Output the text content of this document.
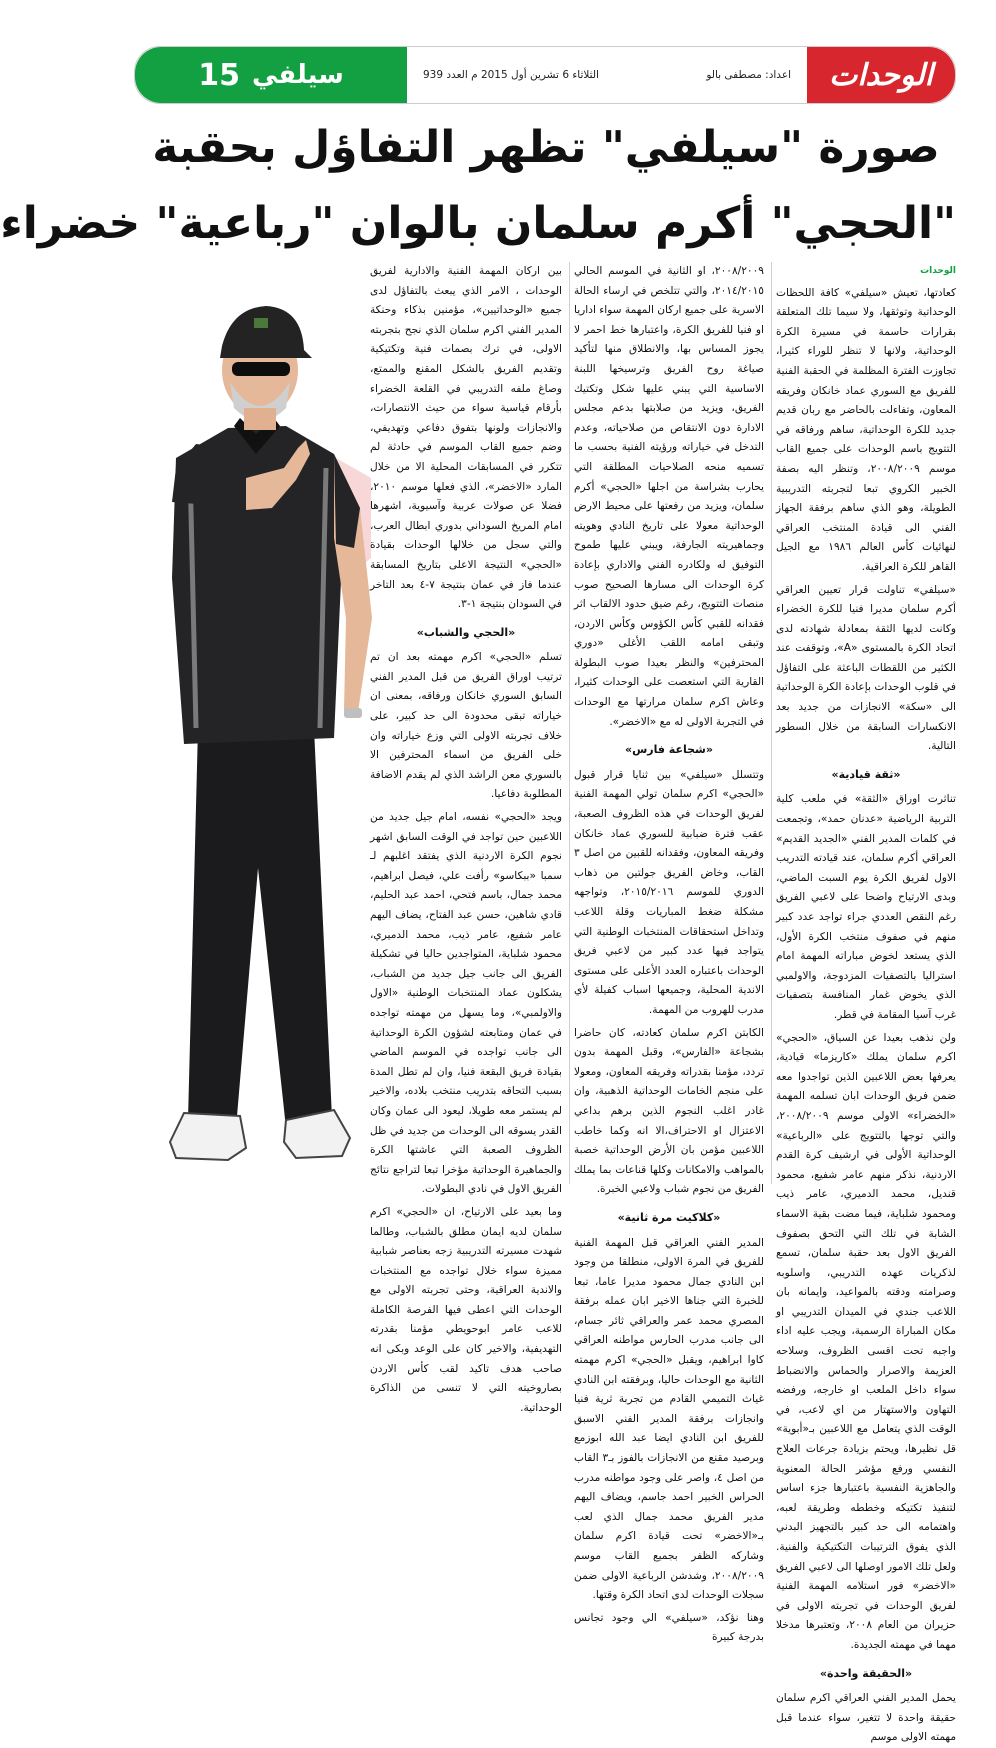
الوحدات
اعداد: مصطفى بالو
الثلاثاء 6 تشرين أول 2015 م العدد 939
سيلفي
15
صورة "سيلفي" تظهر التفاؤل بحقبة
"الحجي" أكرم سلمان بالوان "رباعية" خضراء
الوحدات

كعادتها، تعيش «سيلفي» كافة اللحظات الوحداتية وتوثقها، ولا سيما تلك المتعلقة بقرارات حاسمة في مسيرة الكرة الوحداتية، ولانها لا تنظر للوراء كثيرا، تجاوزت الفترة المظلمة في الحقبة الفنية للفريق مع السوري عماد خانكان وفريقه المعاون، وتفاءلت بالحاضر مع ربان قديم جديد للكرة الوحداتية، ساهم ورفاقه في التتويج باسم الوحدات على جميع القاب موسم ٢٠٠٨/٢٠٠٩، وتنظر اليه بصفة الخبير الكروي تبعا لتجربته التدريبية الطويلة، وهو الذي ساهم برفقة الجهاز الفني الى قيادة المنتخب العراقي لنهائيات كأس العالم ١٩٨٦ مع الجيل القاهر للكرة العراقية.

«سيلفي» تناولت قرار تعيين العراقي أكرم سلمان مديرا فنيا للكرة الخضراء وكانت لديها الثقة بمعادلة شهادته لدى اتحاد الكرة بالمستوى «A»، وتوقفت عند الكثير من اللقطات الباعثة على التفاؤل في قلوب الوحدات بإعادة الكرة الوحداتية الى «سكة» الانجازات من جديد بعد الانكسارات السابقة من خلال السطور التالية.

«ثقة قيادية»

تناثرت اوراق «الثقة» في ملعب كلية التربية الرياضية «عدنان حمد»، وتجمعت في كلمات المدير الفني «الجديد القديم» العراقي أكرم سلمان، عند قيادته التدريب الاول لفريق الكرة يوم السبت الماضي، وبدى الارتياح واضحا على لاعبي الفريق رغم النقص العددي جراء تواجد عدد كبير منهم في صفوف منتخب الكرة الأول، الذي يستعد لخوض مباراته المهمة امام استراليا بالتصفيات المزدوجة، والاولمبي الذي يخوض غمار المنافسة بتصفيات غرب آسيا المقامة في قطر.

ولن نذهب بعيدا عن السياق، «الحجي» اكرم سلمان يملك «كاريزما» قيادية، يعرفها بعض اللاعبين الذين تواجدوا معه ضمن فريق الوحدات ابان تسلمه المهمة «الخضراء» الاولى موسم ٢٠٠٨/٢٠٠٩، والتي توجها بالتتويج على «الرباعية» الوحداتية الأولى في ارشيف كرة القدم الاردنية، نذكر منهم عامر شفيع، محمود قنديل، محمد الدميري، عامر ذيب ومحمود شلباية، فيما مضت بقية الاسماء الشابة في تلك التي التحق بصفوف الفريق الاول بعد حقبة سلمان، تسمع لذكريات عهده التدريبي، واسلوبه وصرامته ودقته بالمواعيد، وايمانه بان اللاعب جندي في الميدان التدريبي او مكان المباراة الرسمية، ويجب عليه اداء واجبه تحت اقسى الظروف، وسلاحه العزيمة والاصرار والحماس والانضباط سواء داخل الملعب او خارجه، ورفضه التهاون والاستهتار من اي لاعب، في الوقت الذي يتعامل مع اللاعبين بـ«أبوية» قل نظيرها، ويحتم بزيادة جرعات العلاج النفسي ورفع مؤشر الحالة المعنوية والجاهزية النفسية باعتبارها جزء اساس لتنفيذ تكتيكه وخططه وطريقة لعبه، واهتمامه الى حد كبير بالتجهيز البدني الذي يفوق الترتيبات التكتيكية والفنية. ولعل تلك الامور اوصلها الى لاعبي الفريق «الاخضر» فور استلامه المهمة الفنية لفريق الوحدات في تجربته الاولى في حزيران من العام ٢٠٠٨، وتعتبرها مدخلا مهما في مهمته الجديدة.

«الحقيقة واحدة»

يحمل المدير الفني العراقي اكرم سلمان حقيقة واحدة لا تتغير، سواء عندما قبل مهمته الاولى موسم

٢٠٠٨/٢٠٠٩، او الثانية في الموسم الحالي ٢٠١٤/٢٠١٥، والتي تتلخص في ارساء الحالة الاسرية على جميع اركان المهمة سواء اداريا او فنيا للفريق الكرة، واعتبارها خط احمر لا يجوز المساس بها، والانطلاق منها لتأكيد صياغة روح الفريق وترسيخها اللبنة الاساسية التي يبني عليها شكل وتكتيك الفريق، ويزيد من صلابتها بدعم مجلس الادارة دون الانتقاص من صلاحياته، وعدم التدخل في خياراته ورؤيته الفنية بحسب ما تسميه منحه الصلاحيات المطلقة التي يحارب بشراسة من اجلها «الحجي» أكرم سلمان، ويزيد من رفعتها على محيط الارض الوحداتية معولا على تاريخ النادي وهويته وجماهيريته الجارفة، ويبني عليها طموح التوفيق له ولكادره الفني والاداري بإعادة كرة الوحدات الى مسارها الصحيح صوب منصات التتويج، رغم ضيق حدود الالقاب اثر فقدانه للقبي كأس الكؤوس وكأس الاردن، وتبقى امامه اللقب الأغلى «دوري المحترفين» والنظر بعيدا صوب البطولة القارية التي استعصت على الوحدات كثيرا، وعاش اكرم سلمان مرارتها مع الوحدات في التجربة الاولى له مع «الاخضر».

«شجاعة فارس»

وتتسلل «سيلفي» بين ثنايا قرار قبول «الحجي» اكرم سلمان تولي المهمة الفنية لفريق الوحدات في هذه الظروف الصعبة، عقب فترة ضبابية للسوري عماد خانكان وفريقه المعاون، وفقدانه للقبين من اصل ٣ القاب، وخاض الفريق جولتين من ذهاب الدوري للموسم ٢٠١٥/٢٠١٦، وتواجهه مشكلة ضغط المباريات وقلة اللاعب وتداخل استحقاقات المنتخبات الوطنية التي يتواجد فيها عدد كبير من لاعبي فريق الوحدات باعتباره العدد الأعلى على مستوى الاندية المحلية، وجميعها اسباب كفيلة لأي مدرب للهروب من المهمة.

الكابتن اكرم سلمان كعادته، كان حاضرا بشجاعة «الفارس»، وقبل المهمة بدون تردد، مؤمنا بقدراته وفريقه المعاون، ومعولا على منجم الخامات الوحداتية الذهبية، وان غادر اغلب النجوم الذين برهم بداعي الاعتزال او الاحتراف،الا انه وكما خاطب اللاعبين مؤمن بان الأرض الوحداتية خصبة بالمواهب والامكانات وكلها قناعات بما يملك الفريق من نجوم شباب ولاعبي الخبرة.

«كلاكيت مرة ثانية»

المدير الفني العراقي قبل المهمة الفنية للفريق في المرة الاولى، منطلقا من وجود ابن النادي جمال محمود مديرا عاما، تبعا للخبرة التي جناها الاخير ابان عمله برفقة المصري محمد عمر والعراقي ثائر جسام، الى جانب مدرب الحارس مواطنه العراقي كاوا ابراهيم، ويقبل «الحجي» اكرم مهمته الثانية مع الوحدات حاليا، وبرفقته ابن النادي غياث التميمي القادم من تجربة ثرية فنيا وانجازات برفقة المدير الفني الاسبق للفريق ابن النادي ايضا عبد الله ابوزمع وبرصيد مقنع من الانجازات بالفوز بـ٣ القاب من اصل ٤، واصر على وجود مواطنه مدرب الحراس الخبير احمد جاسم، ويضاف اليهم مدير الفريق محمد جمال الذي لعب بـ«الاخضر» تحت قيادة اكرم سلمان وشاركه الظفر بجميع القاب موسم ٢٠٠٨/٢٠٠٩، وشدشن الرباعية الاولى ضمن سجلات الوحدات لدى اتحاد الكرة وقتها.

وهنا نؤكد، «سيلفي» الي وجود تجانس بدرجة كبيرة

بين اركان المهمة الفنية والادارية لفريق الوحدات ، الامر الذي يبعث بالتفاؤل لدى جميع «الوحداتيين»، مؤمنين بذكاء وحنكة المدير الفني اكرم سلمان الذي نجح بتجربته الاولى، في ترك بصمات فنية وتكتيكية وتقديم الفريق بالشكل المقنع والممتع، وصاغ ملفه التدريبي في القلعة الخضراء بأرقام قياسية سواء من حيث الانتصارات، والانجازات ولونها بتفوق دفاعي وتهديفي، وضم جميع القاب الموسم في حادثة لم تتكرر في المسابقات المحلية الا من خلال المارد «الاخضر»، الذي فعلها موسم ٢٠١٠، فضلا عن صولات عربية وآسيوية، اشهرها امام المريخ السوداني بدوري ابطال العرب، والتي سجل من خلالها الوحدات بقيادة «الحجي» النتيجة الاعلى بتاريخ المسابقة عندما فاز في عمان بنتيجة ٧-٤ بعد التاخر في السودان بنتيجة ١-٣.

«الحجي والشباب»

تسلم «الحجي» اكرم مهمته بعد ان تم ترتيب اوراق الفريق من قبل المدير الفني السابق السوري خانكان ورفاقه، بمعنى ان خياراته تبقى محدودة الى حد كبير، على خلاف تجربته الاولى التي وزع خياراته وان خلى الفريق من اسماء المحترفين الا بالسوري معن الراشد الذي لم يقدم الاضافة المطلوبة دفاعيا.

ويجد «الحجي» نفسه، امام جيل جديد من اللاعبين حين تواجد في الوقت السابق اشهر نجوم الكرة الاردنية الذي يفتقد اغلبهم لـ سمبا «ببكاسو» رأفت علي، فيصل ابراهيم، محمد جمال، باسم فتحي، احمد عبد الحليم، قادي شاهين، حسن عبد الفتاح، يضاف اليهم عامر شفيع، عامر ذيب، محمد الدميري، محمود شلباية، المتواجدين حاليا في تشكيلة الفريق الى جانب جيل جديد من الشباب، يشكلون عماد المنتخبات الوطنية «الاول والاولمبي»، وما يسهل من مهمته تواجده في عمان ومتابعته لشؤون الكرة الوحداتية الى جانب تواجده في الموسم الماضي بقيادة فريق البقعة فنيا، وان لم تطل المدة بسبب التحاقه بتدريب منتخب بلاده، والاخير لم يستمر معه طويلا، ليعود الى عمان وكان القدر يسوقه الى الوحدات من جديد في ظل الظروف الصعبة التي عاشتها الكرة والجماهيرة الوحداتية مؤخرا تبعا لتراجع نتائج الفريق الاول في نادي البطولات.

وما بعيد على الارتياح، ان «الحجي» اكرم سلمان لديه ايمان مطلق بالشباب، وطالما شهدت مسيرته التدريبية زجه بعناصر شبابية مميزة سواء خلال تواجده مع المنتخبات والاندية العراقية، وحتى تجربته الاولى مع الوحدات التي اعطى فيها الفرصة الكاملة للاعب عامر ابوحويطي مؤمنا بقدرته التهديفية، والاخير كان على الوعد وبكى انه صاحب هدف تاكيد لقب كأس الاردن بصاروخيته التي لا تنسى من الذاكرة الوحداتية.
